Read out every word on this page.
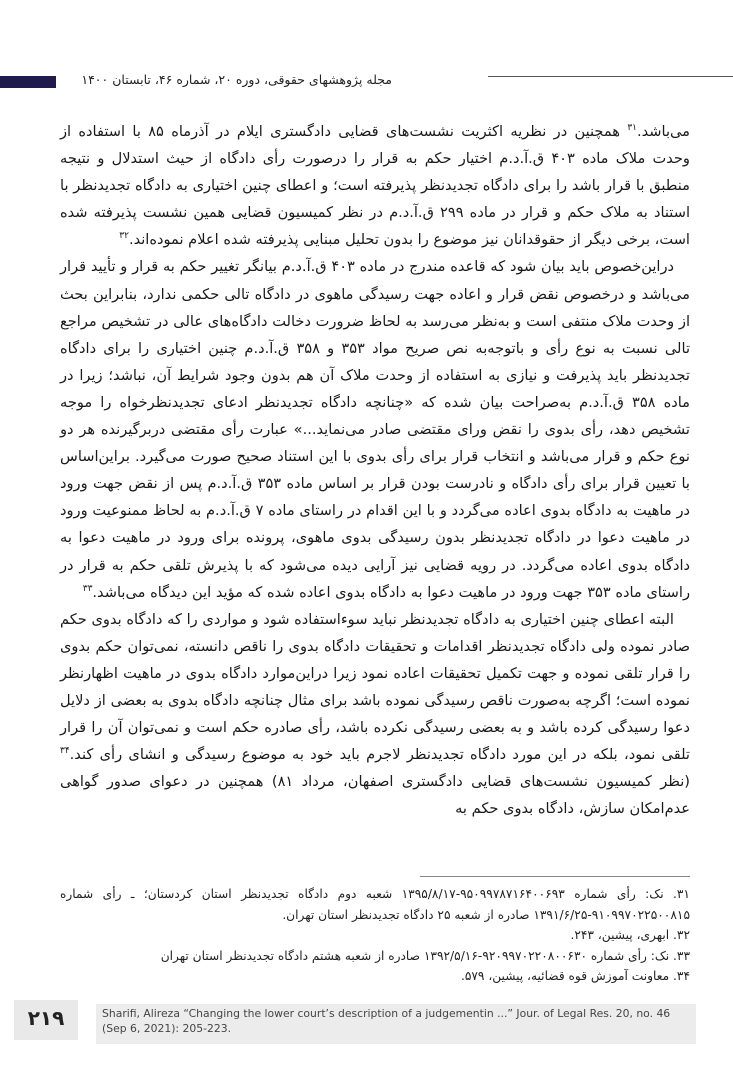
مجله پژوهشهای حقوقی، دوره ۲۰، شماره ۴۶، تابستان ۱۴۰۰

می‌باشد.$^{۳۱}$ همچنین در نظریه اکثریت نشست‌های قضایی دادگستری ایلام در آذرماه ۸۵ با استفاده از وحدت ملاک ماده ۴۰۳ ق.آ.د.م اختیار حکم به قرار را درصورت رأی دادگاه از حیث استدلال و نتیجه منطبق با قرار باشد را برای دادگاه تجدیدنظر پذیرفته است؛ و اعطای چنین اختیاری به دادگاه تجدیدنظر با استناد به ملاک حکم و قرار در ماده ۲۹۹ ق.آ.د.م در نظر کمیسیون قضایی همین نشست پذیرفته شده است، برخی دیگر از حقوقدانان نیز موضوع را بدون تحلیل مبنایی پذیرفته شده اعلام نموده‌اند.$^{۳۲}$

دراین‌خصوص باید بیان شود که قاعده مندرج در ماده ۴۰۳ ق.آ.د.م بیانگر تغییر حکم به قرار و تأیید قرار می‌باشد و درخصوص نقض قرار و اعاده جهت رسیدگی ماهوی در دادگاه تالی حکمی ندارد، بنابراین بحث از وحدت ملاک منتفی است و به‌نظر می‌رسد به لحاظ ضرورت دخالت دادگاه‌های عالی در تشخیص مراجع تالی نسبت به نوع رأی و باتوجه‌به نص صریح مواد ۳۵۳ و ۳۵۸ ق.آ.د.م چنین اختیاری را برای دادگاه تجدیدنظر باید پذیرفت و نیازی به استفاده از وحدت ملاک آن هم بدون وجود شرایط آن، نباشد؛ زیرا در ماده ۳۵۸ ق.آ.د.م به‌صراحت بیان شده که «چنانچه دادگاه تجدیدنظر ادعای تجدیدنظرخواه را موجه تشخیص دهد، رأی بدوی را نقض ورای مقتضی صادر می‌نماید...» عبارت رأی مقتضی دربرگیرنده هر دو نوع حکم و قرار می‌باشد و انتخاب قرار برای رأی بدوی با این استناد صحیح صورت می‌گیرد. براین‌اساس با تعیین قرار برای رأی دادگاه و نادرست بودن قرار بر اساس ماده ۳۵۳ ق.آ.د.م پس از نقض جهت ورود در ماهیت به دادگاه بدوی اعاده می‌گردد و با این اقدام در راستای ماده ۷ ق.آ.د.م به لحاظ ممنوعیت ورود در ماهیت دعوا در دادگاه تجدیدنظر بدون رسیدگی بدوی ماهوی، پرونده برای ورود در ماهیت دعوا به دادگاه بدوی اعاده می‌گردد. در رویه قضایی نیز آرایی دیده می‌شود که با پذیرش تلقی حکم به قرار در راستای ماده ۳۵۳ جهت ورود در ماهیت دعوا به دادگاه بدوی اعاده شده که مؤید این دیدگاه می‌باشد.$^{۳۳}$

البته اعطای چنین اختیاری به دادگاه تجدیدنظر نباید سوءاستفاده شود و مواردی را که دادگاه بدوی حکم صادر نموده ولی دادگاه تجدیدنظر اقدامات و تحقیقات دادگاه بدوی را ناقص دانسته، نمی‌توان حکم بدوی را قرار تلقی نموده و جهت تکمیل تحقیقات اعاده نمود زیرا دراین‌موارد دادگاه بدوی در ماهیت اظهارنظر نموده است؛ اگرچه به‌صورت ناقص رسیدگی نموده باشد برای مثال چنانچه دادگاه بدوی به بعضی از دلایل دعوا رسیدگی کرده باشد و به بعضی رسیدگی نکرده باشد، رأی صادره حکم است و نمی‌توان آن را قرار تلقی نمود، بلکه در این مورد دادگاه تجدیدنظر لاجرم باید خود به موضوع رسیدگی و انشای رأی کند.$^{۳۴}$ (نظر کمیسیون نشست‌های قضایی دادگستری اصفهان، مرداد ۸۱) همچنین در دعوای صدور گواهی عدم‌امکان سازش، دادگاه بدوی حکم به

۳۱. نک: رأی شماره ۹۵۰۹۹۷۸۷۱۶۴۰۰۶۹۳-۱۳۹۵/۸/۱۷ شعبه دوم دادگاه تجدیدنظر استان کردستان؛ ـ رأی شماره ۹۱۰۹۹۷۰۲۲۵۰۰۸۱۵-۱۳۹۱/۶/۲۵ صادره از شعبه ۲۵ دادگاه تجدیدنظر استان تهران.

۳۲. ابهری، پیشین، ۲۴۳.

۳۳. نک: رأی شماره ۹۲۰۹۹۷۰۲۲۰۸۰۰۶۳۰-۱۳۹۲/۵/۱۶ صادره از شعبه هشتم دادگاه تجدیدنظر استان تهران

۳۴. معاونت آموزش قوه قضائیه، پیشین، ۵۷۹.

۲۱۹	Sharifi, Alireza “Changing the lower court’s description of a judgementin ...” Jour. of Legal Res. 20, no. 46 (Sep 6, 2021): 205-223.
